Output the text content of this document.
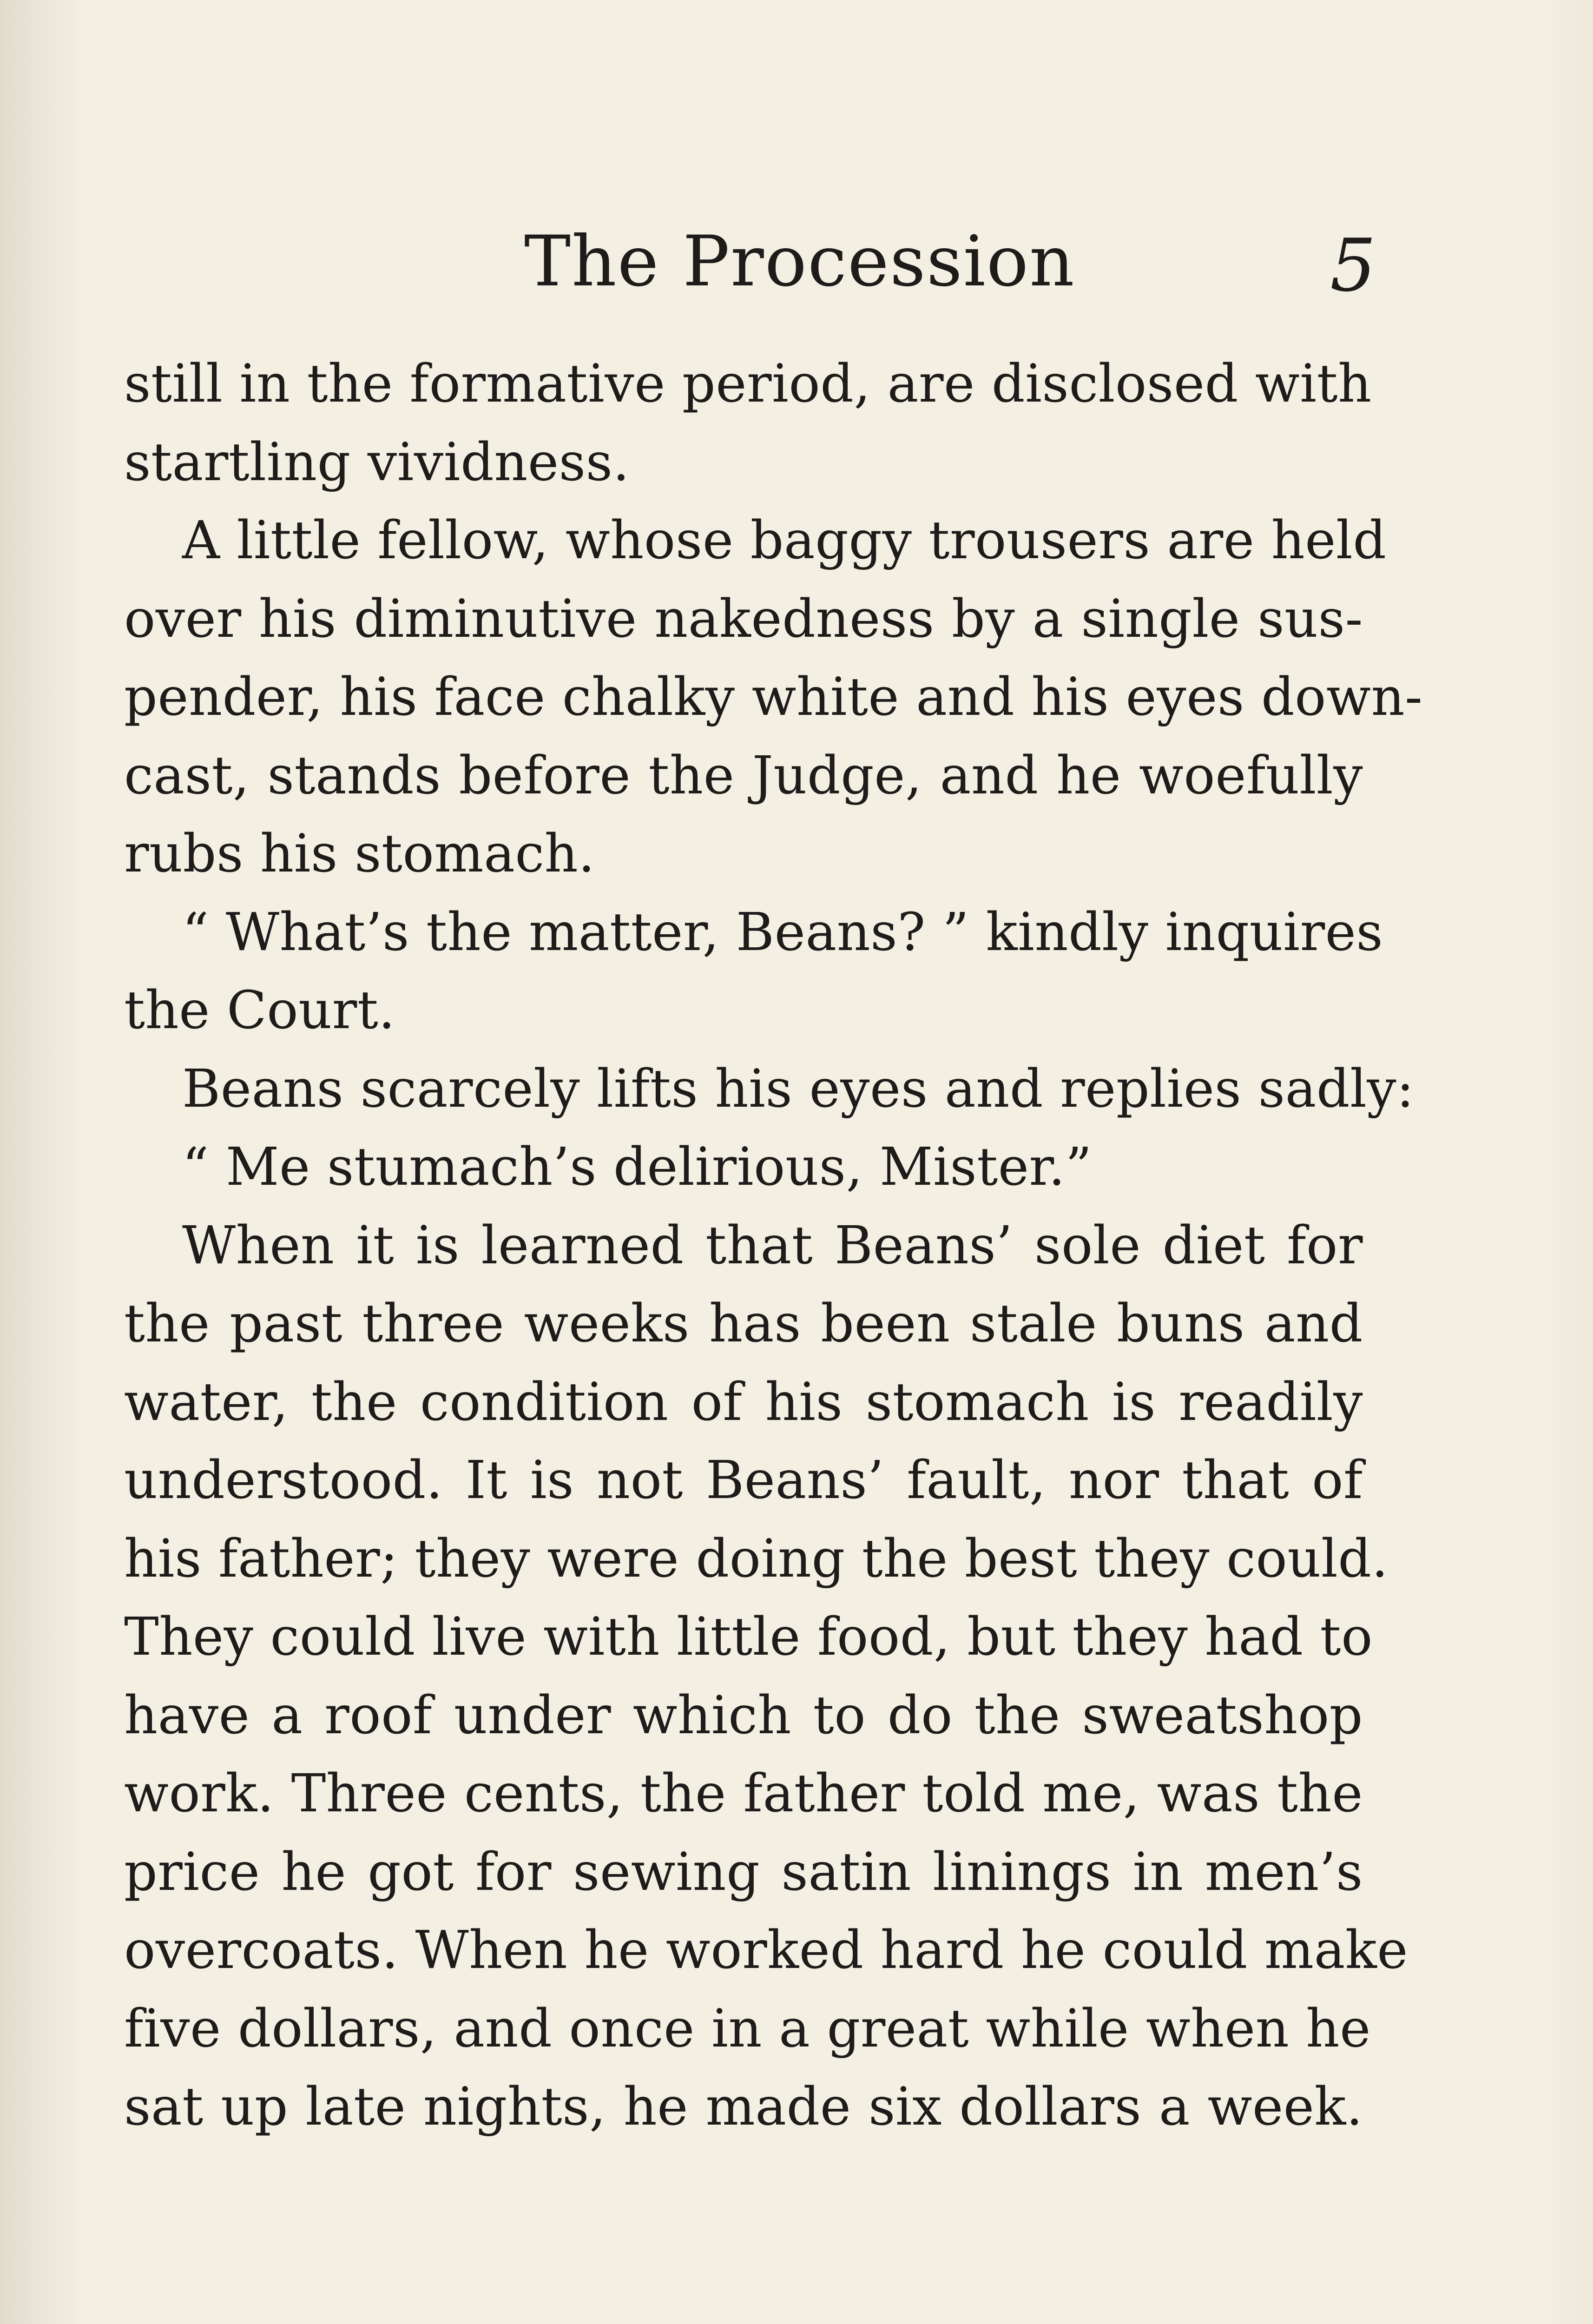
The Procession	5
still in the formative period, are disclosed with
startling vividness.
A little fellow, whose baggy trousers are held
over his diminutive nakedness by a single sus-
pender, his face chalky white and his eyes down-
cast, stands before the Judge, and he woefully
rubs his stomach.
“ What’s the matter, Beans? ” kindly inquires
the Court.
Beans scarcely lifts his eyes and replies sadly:
“ Me stumach’s delirious, Mister.”
When it is learned that Beans’ sole diet for
the past three weeks has been stale buns and
water, the condition of his stomach is readily
understood. It is not Beans’ fault, nor that of
his father; they were doing the best they could.
They could live with little food, but they had to
have a roof under which to do the sweatshop
work. Three cents, the father told me, was the
price he got for sewing satin linings in men’s
overcoats. When he worked hard he could make
five dollars, and once in a great while when he
sat up late nights, he made six dollars a week.
